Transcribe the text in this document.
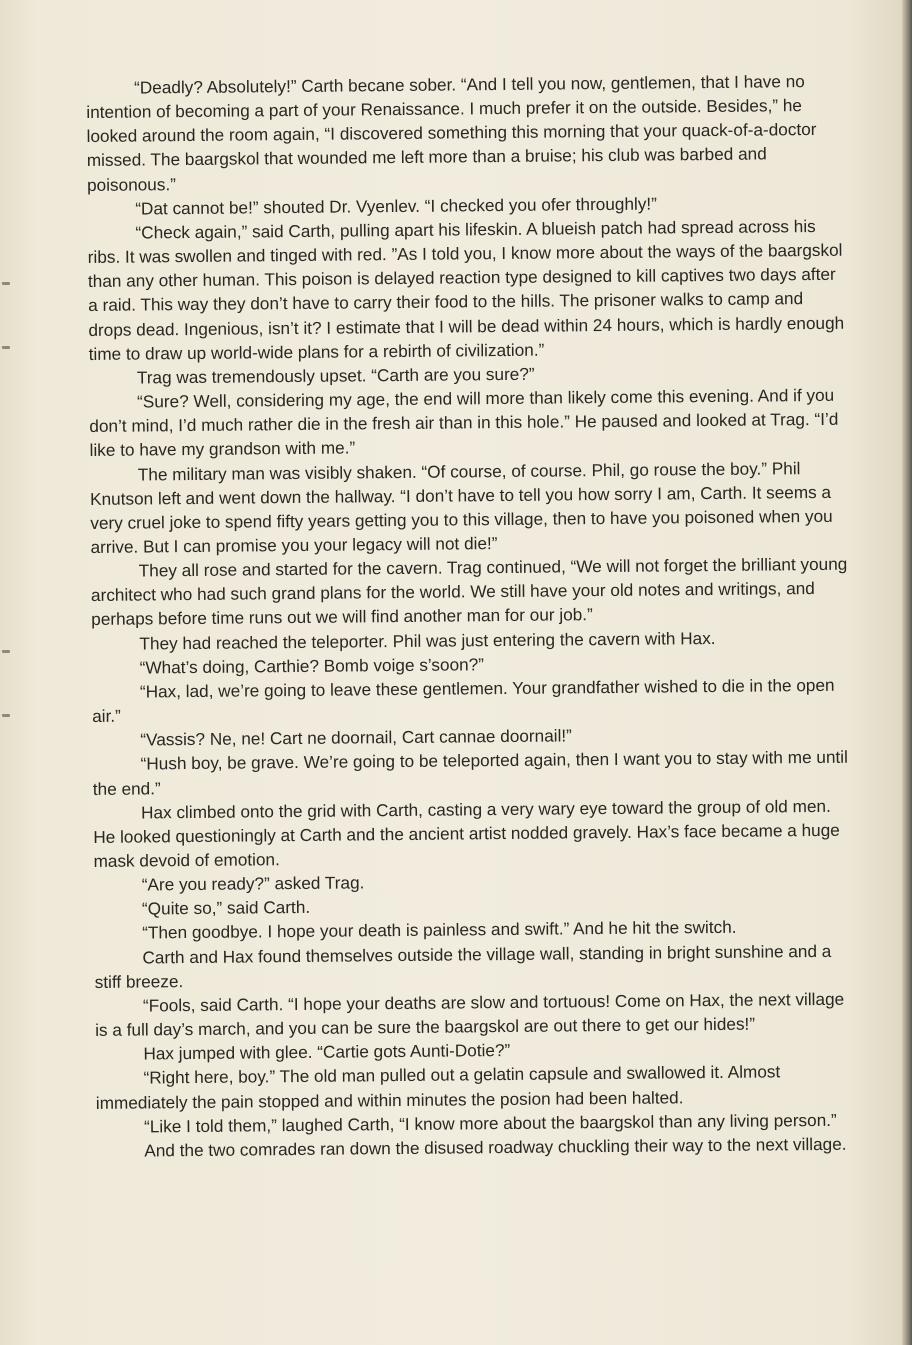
“Deadly? Absolutely!” Carth becane sober. “And I tell you now, gentlemen, that I have no intention of becoming a part of your Renaissance. I much prefer it on the outside. Besides,” he looked around the room again, “I discovered something this morning that your quack-of-a-doctor missed. The baargskol that wounded me left more than a bruise; his club was barbed and poisonous.”

“Dat cannot be!” shouted Dr. Vyenlev. “I checked you ofer throughly!”

“Check again,” said Carth, pulling apart his lifeskin. A blueish patch had spread across his ribs. It was swollen and tinged with red. ”As I told you, I know more about the ways of the baargskol than any other human. This poison is delayed reaction type designed to kill captives two days after a raid. This way they don’t have to carry their food to the hills. The prisoner walks to camp and drops dead. Ingenious, isn’t it? I estimate that I will be dead within 24 hours, which is hardly enough time to draw up world-wide plans for a rebirth of civilization.”

Trag was tremendously upset. “Carth are you sure?”

“Sure? Well, considering my age, the end will more than likely come this evening. And if you don’t mind, I’d much rather die in the fresh air than in this hole.” He paused and looked at Trag. “I’d like to have my grandson with me.”

The military man was visibly shaken. “Of course, of course. Phil, go rouse the boy.” Phil Knutson left and went down the hallway. “I don’t have to tell you how sorry I am, Carth. It seems a very cruel joke to spend fifty years getting you to this village, then to have you poisoned when you arrive. But I can promise you your legacy will not die!”

They all rose and started for the cavern. Trag continued, “We will not forget the brilliant young architect who had such grand plans for the world. We still have your old notes and writings, and perhaps before time runs out we will find another man for our job.”

They had reached the teleporter. Phil was just entering the cavern with Hax.

“What’s doing, Carthie? Bomb voige s’soon?”

“Hax, lad, we’re going to leave these gentlemen. Your grandfather wished to die in the open air.”

“Vassis? Ne, ne! Cart ne doornail, Cart cannae doornail!”

“Hush boy, be grave. We’re going to be teleported again, then I want you to stay with me until the end.”

Hax climbed onto the grid with Carth, casting a very wary eye toward the group of old men. He looked questioningly at Carth and the ancient artist nodded gravely. Hax’s face became a huge mask devoid of emotion.

“Are you ready?” asked Trag.

“Quite so,” said Carth.

“Then goodbye. I hope your death is painless and swift.” And he hit the switch.

Carth and Hax found themselves outside the village wall, standing in bright sunshine and a stiff breeze.

“Fools, said Carth. “I hope your deaths are slow and tortuous! Come on Hax, the next village is a full day’s march, and you can be sure the baargskol are out there to get our hides!”

Hax jumped with glee. “Cartie gots Aunti-Dotie?”

“Right here, boy.” The old man pulled out a gelatin capsule and swallowed it. Almost immediately the pain stopped and within minutes the posion had been halted.

“Like I told them,” laughed Carth, “I know more about the baargskol than any living person.”

And the two comrades ran down the disused roadway chuckling their way to the next village.
